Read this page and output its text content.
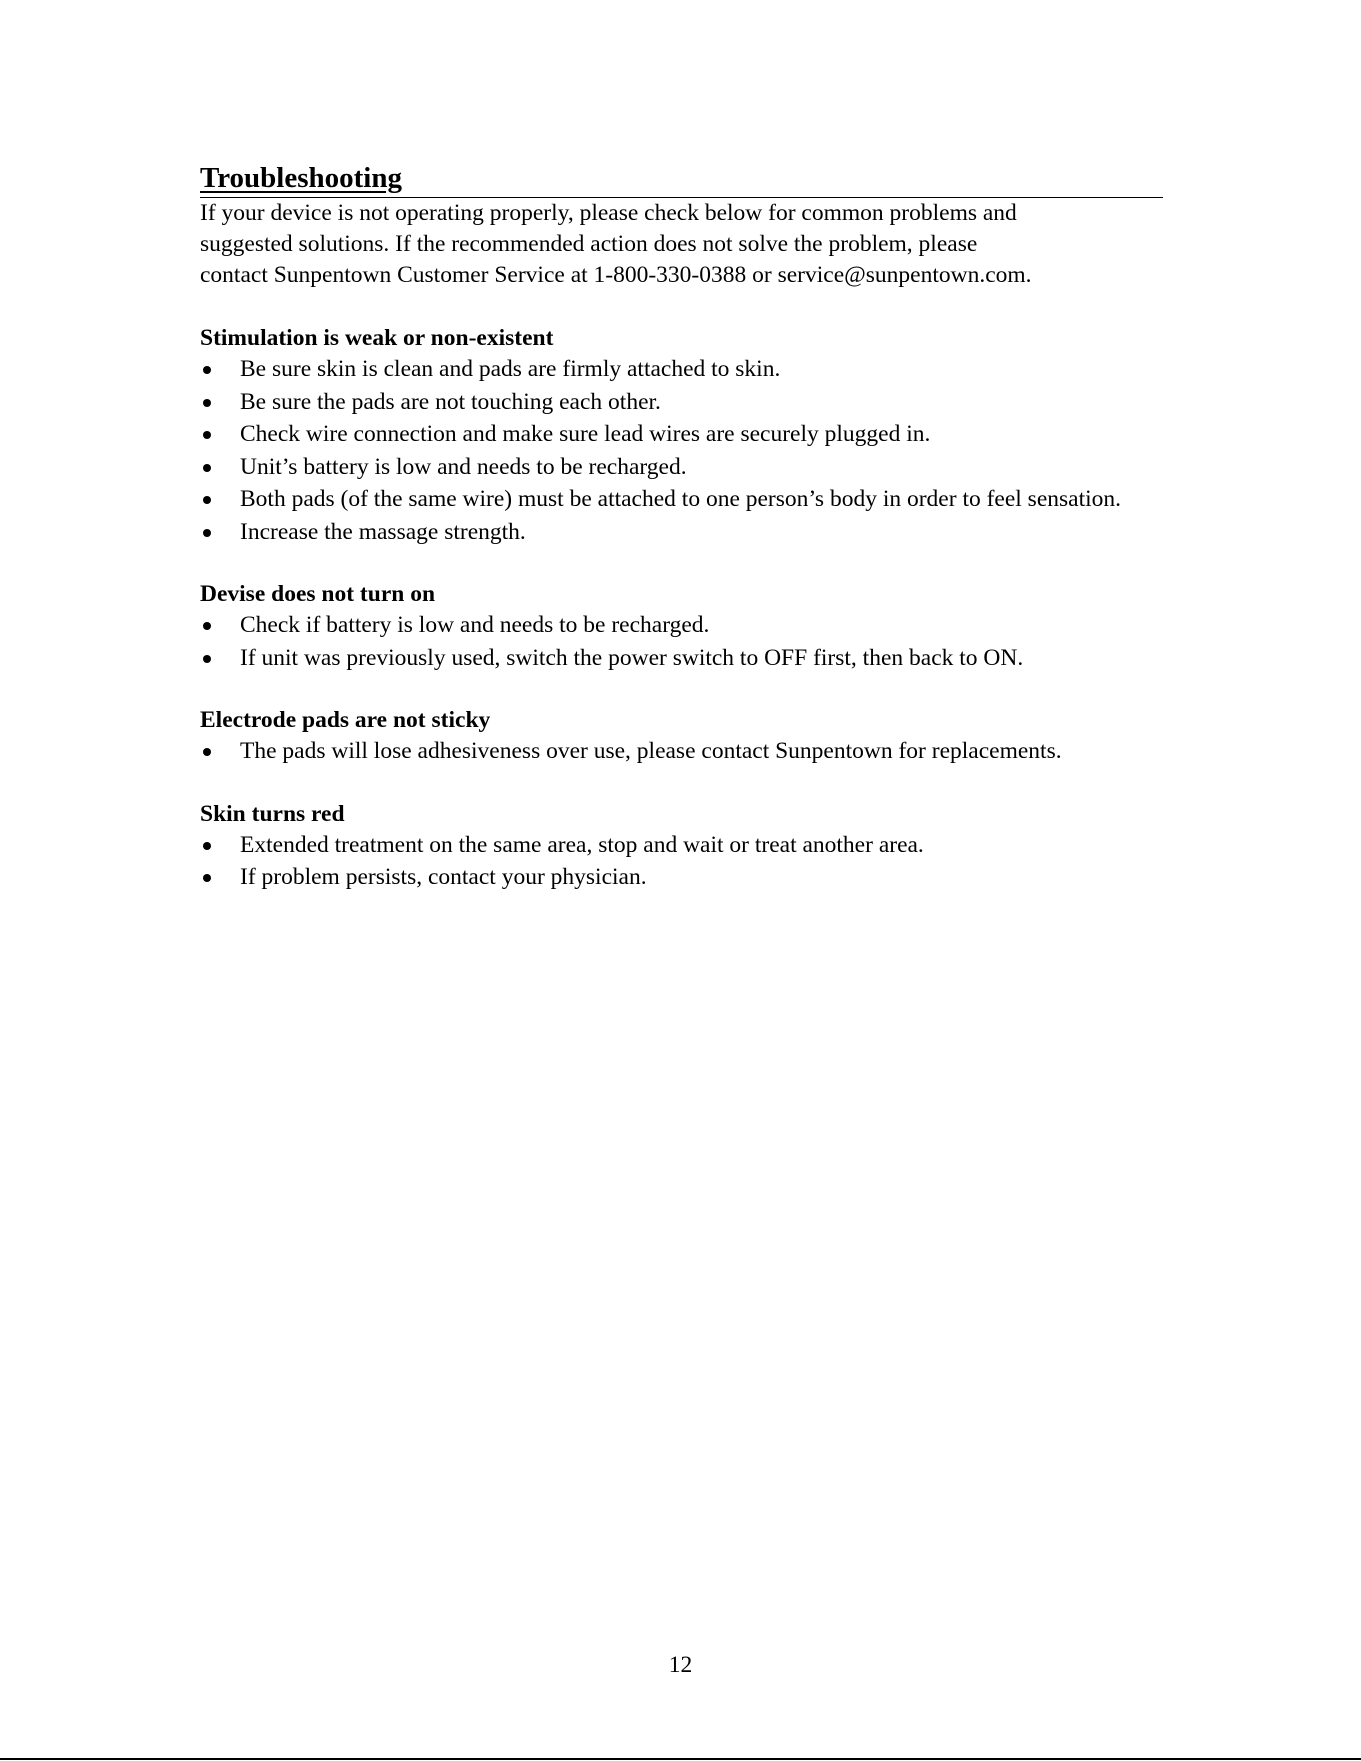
Troubleshooting

If your device is not operating properly, please check below for common problems and
suggested solutions. If the recommended action does not solve the problem, please
contact Sunpentown Customer Service at 1-800-330-0388 or service@sunpentown.com.

Stimulation is weak or non-existent
Be sure skin is clean and pads are firmly attached to skin.
Be sure the pads are not touching each other.
Check wire connection and make sure lead wires are securely plugged in.
Unit’s battery is low and needs to be recharged.
Both pads (of the same wire) must be attached to one person’s body in order to feel sensation.
Increase the massage strength.
Devise does not turn on
Check if battery is low and needs to be recharged.
If unit was previously used, switch the power switch to OFF first, then back to ON.
Electrode pads are not sticky
The pads will lose adhesiveness over use, please contact Sunpentown for replacements.
Skin turns red
Extended treatment on the same area, stop and wait or treat another area.
If problem persists, contact your physician.
12
